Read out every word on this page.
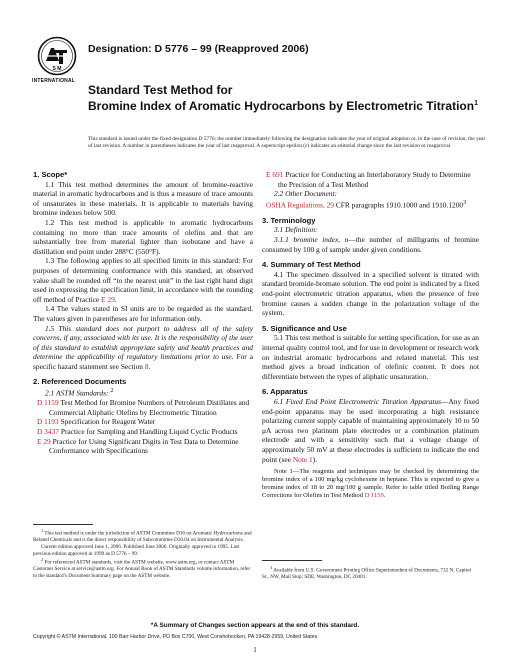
S M
INTERNATIONAL
Designation: D 5776 – 99 (Reapproved 2006)
Standard Test Method for
Bromine Index of Aromatic Hydrocarbons by Electrometric Titration$^1$
This standard is issued under the fixed designation D 5776; the number immediately following the designation indicates the year of original adoption or, in the case of revision, the year of last revision. A number in parentheses indicates the year of last reapproval. A superscript epsilon (ε) indicates an editorial change since the last revision or reapproval.
1. Scope*

1.1 This test method determines the amount of bromine-reactive material in aromatic hydrocarbons and is thus a measure of trace amounts of unsaturates in these materials. It is applicable to materials having bromine indexes below 500.

1.2 This test method is applicable to aromatic hydrocarbons containing no more than trace amounts of olefins and that are substantially free from material lighter than isobutane and have a distillation end point under 288°C (550°F).

1.3 The following applies to all specified limits in this standard: For purposes of determining conformance with this standard, an observed value shall be rounded off “to the nearest unit” in the last right hand digit used in expressing the specification limit, in accordance with the rounding off method of Practice E 29.

1.4 The values stated in SI units are to be regarded as the standard. The values given in parentheses are for information only.

1.5 This standard does not purport to address all of the safety concerns, if any, associated with its use. It is the responsibility of the user of this standard to establish appropriate safety and health practices and determine the applicability of regulatory limitations prior to use. For a specific hazard statement see Section 8.

2. Referenced Documents

2.1 ASTM Standards: $^2$

D 1159 Test Method for Bromine Numbers of Petroleum Distillates and Commercial Aliphatic Olefins by Electrometric Titration

D 1193 Specification for Reagent Water

D 3437 Practice for Sampling and Handling Liquid Cyclic Products

E 29 Practice for Using Significant Digits in Test Data to Determine Conformance with Specifications

$^1$ This test method is under the jurisdiction of ASTM Committee D16 on Aromatic Hydrocarbons and Related Chemicals and is the direct responsibility of Subcommittee D16.04 on Instrumental Analysis.

Current edition approved June 1, 2006. Published June 2006. Originally approved in 1995. Last previous edition approved in 1999 as D 5776 – 99.

$^2$ For referenced ASTM standards, visit the ASTM website, www.astm.org, or contact ASTM Customer Service at service@astm.org. For Annual Book of ASTM Standards volume information, refer to the standard’s Document Summary page on the ASTM website.

E 691 Practice for Conducting an Interlaboratory Study to Determine the Precision of a Test Method

2.2 Other Document:

OSHA Regulations, 29 CFR paragraphs 1910.1000 and 1910.1200$^3$

3. Terminology

3.1 Definition:

3.1.1 bromine index, n—the number of milligrams of bromine consumed by 100 g of sample under given conditions.

4. Summary of Test Method

4.1 The specimen dissolved in a specified solvent is titrated with standard bromide-bromate solution. The end point is indicated by a fixed end-point electrometric titration apparatus, when the presence of free bromine causes a sudden change in the polarization voltage of the system.

5. Significance and Use

5.1 This test method is suitable for setting specification, for use as an internal quality control tool, and for use in development or research work on industrial aromatic hydrocarbons and related material. This test method gives a broad indication of olefinic content. It does not differentiate between the types of aliphatic unsaturation.

6. Apparatus

6.1 Fixed End Point Electrometric Titration Apparatus—Any fixed end-point apparatus may be used incorporating a high resistance polarizing current supply capable of maintaining approximately 10 to 50 μA across two platinum plate electrodes or a combination platinum electrode and with a sensitivity such that a voltage change of approximately 50 mV at these electrodes is sufficient to indicate the end point (see Note 1).

Note 1—The reagents and techniques may be checked by determining the bromine index of a 100 mg/kg cyclohexene in heptane. This is expected to give a bromine index of 18 to 20 mg/100 g sample. Refer to table titled Boiling Range Corrections for Olefins in Test Method D 1159.

$^3$ Available from U.S. Government Printing Office Superintendent of Documents, 732 N. Capitol St., NW, Mail Stop: SDE, Washington, DC 20401.

*A Summary of Changes section appears at the end of this standard.
Copyright © ASTM International, 100 Barr Harbor Drive, PO Box C700, West Conshohocken, PA 19428-2959, United States.
1
